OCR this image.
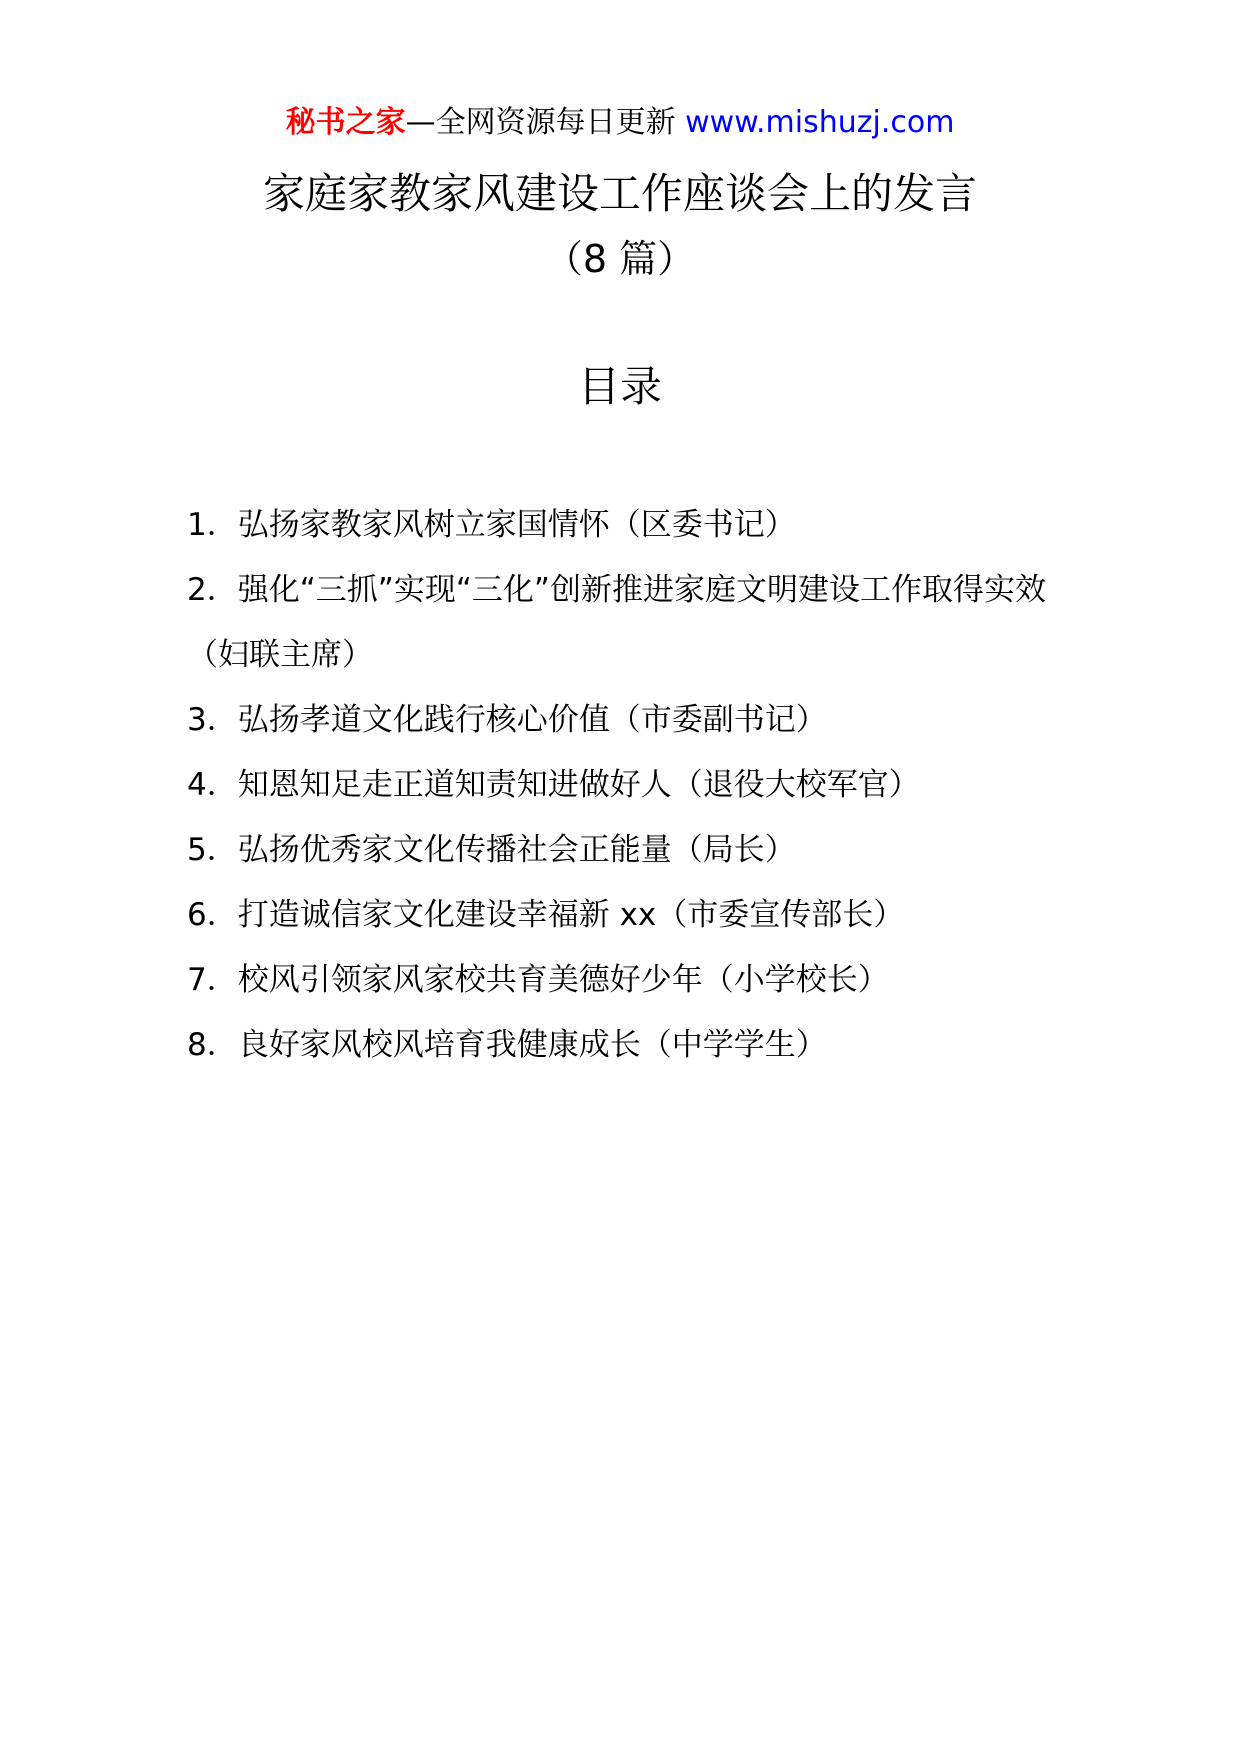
秘书之家—全网资源每日更新 www.mishuzj.com
家庭家教家风建设工作座谈会上的发言
（8 篇）
目录
1．弘扬家教家风树立家国情怀（区委书记）
2．强化“三抓”实现“三化”创新推进家庭文明建设工作取得实效（妇联主席）
3．弘扬孝道文化践行核心价值（市委副书记）
4．知恩知足走正道知责知进做好人（退役大校军官）
5．弘扬优秀家文化传播社会正能量（局长）
6．打造诚信家文化建设幸福新 xx（市委宣传部长）
7．校风引领家风家校共育美德好少年（小学校长）
8．良好家风校风培育我健康成长（中学学生）
